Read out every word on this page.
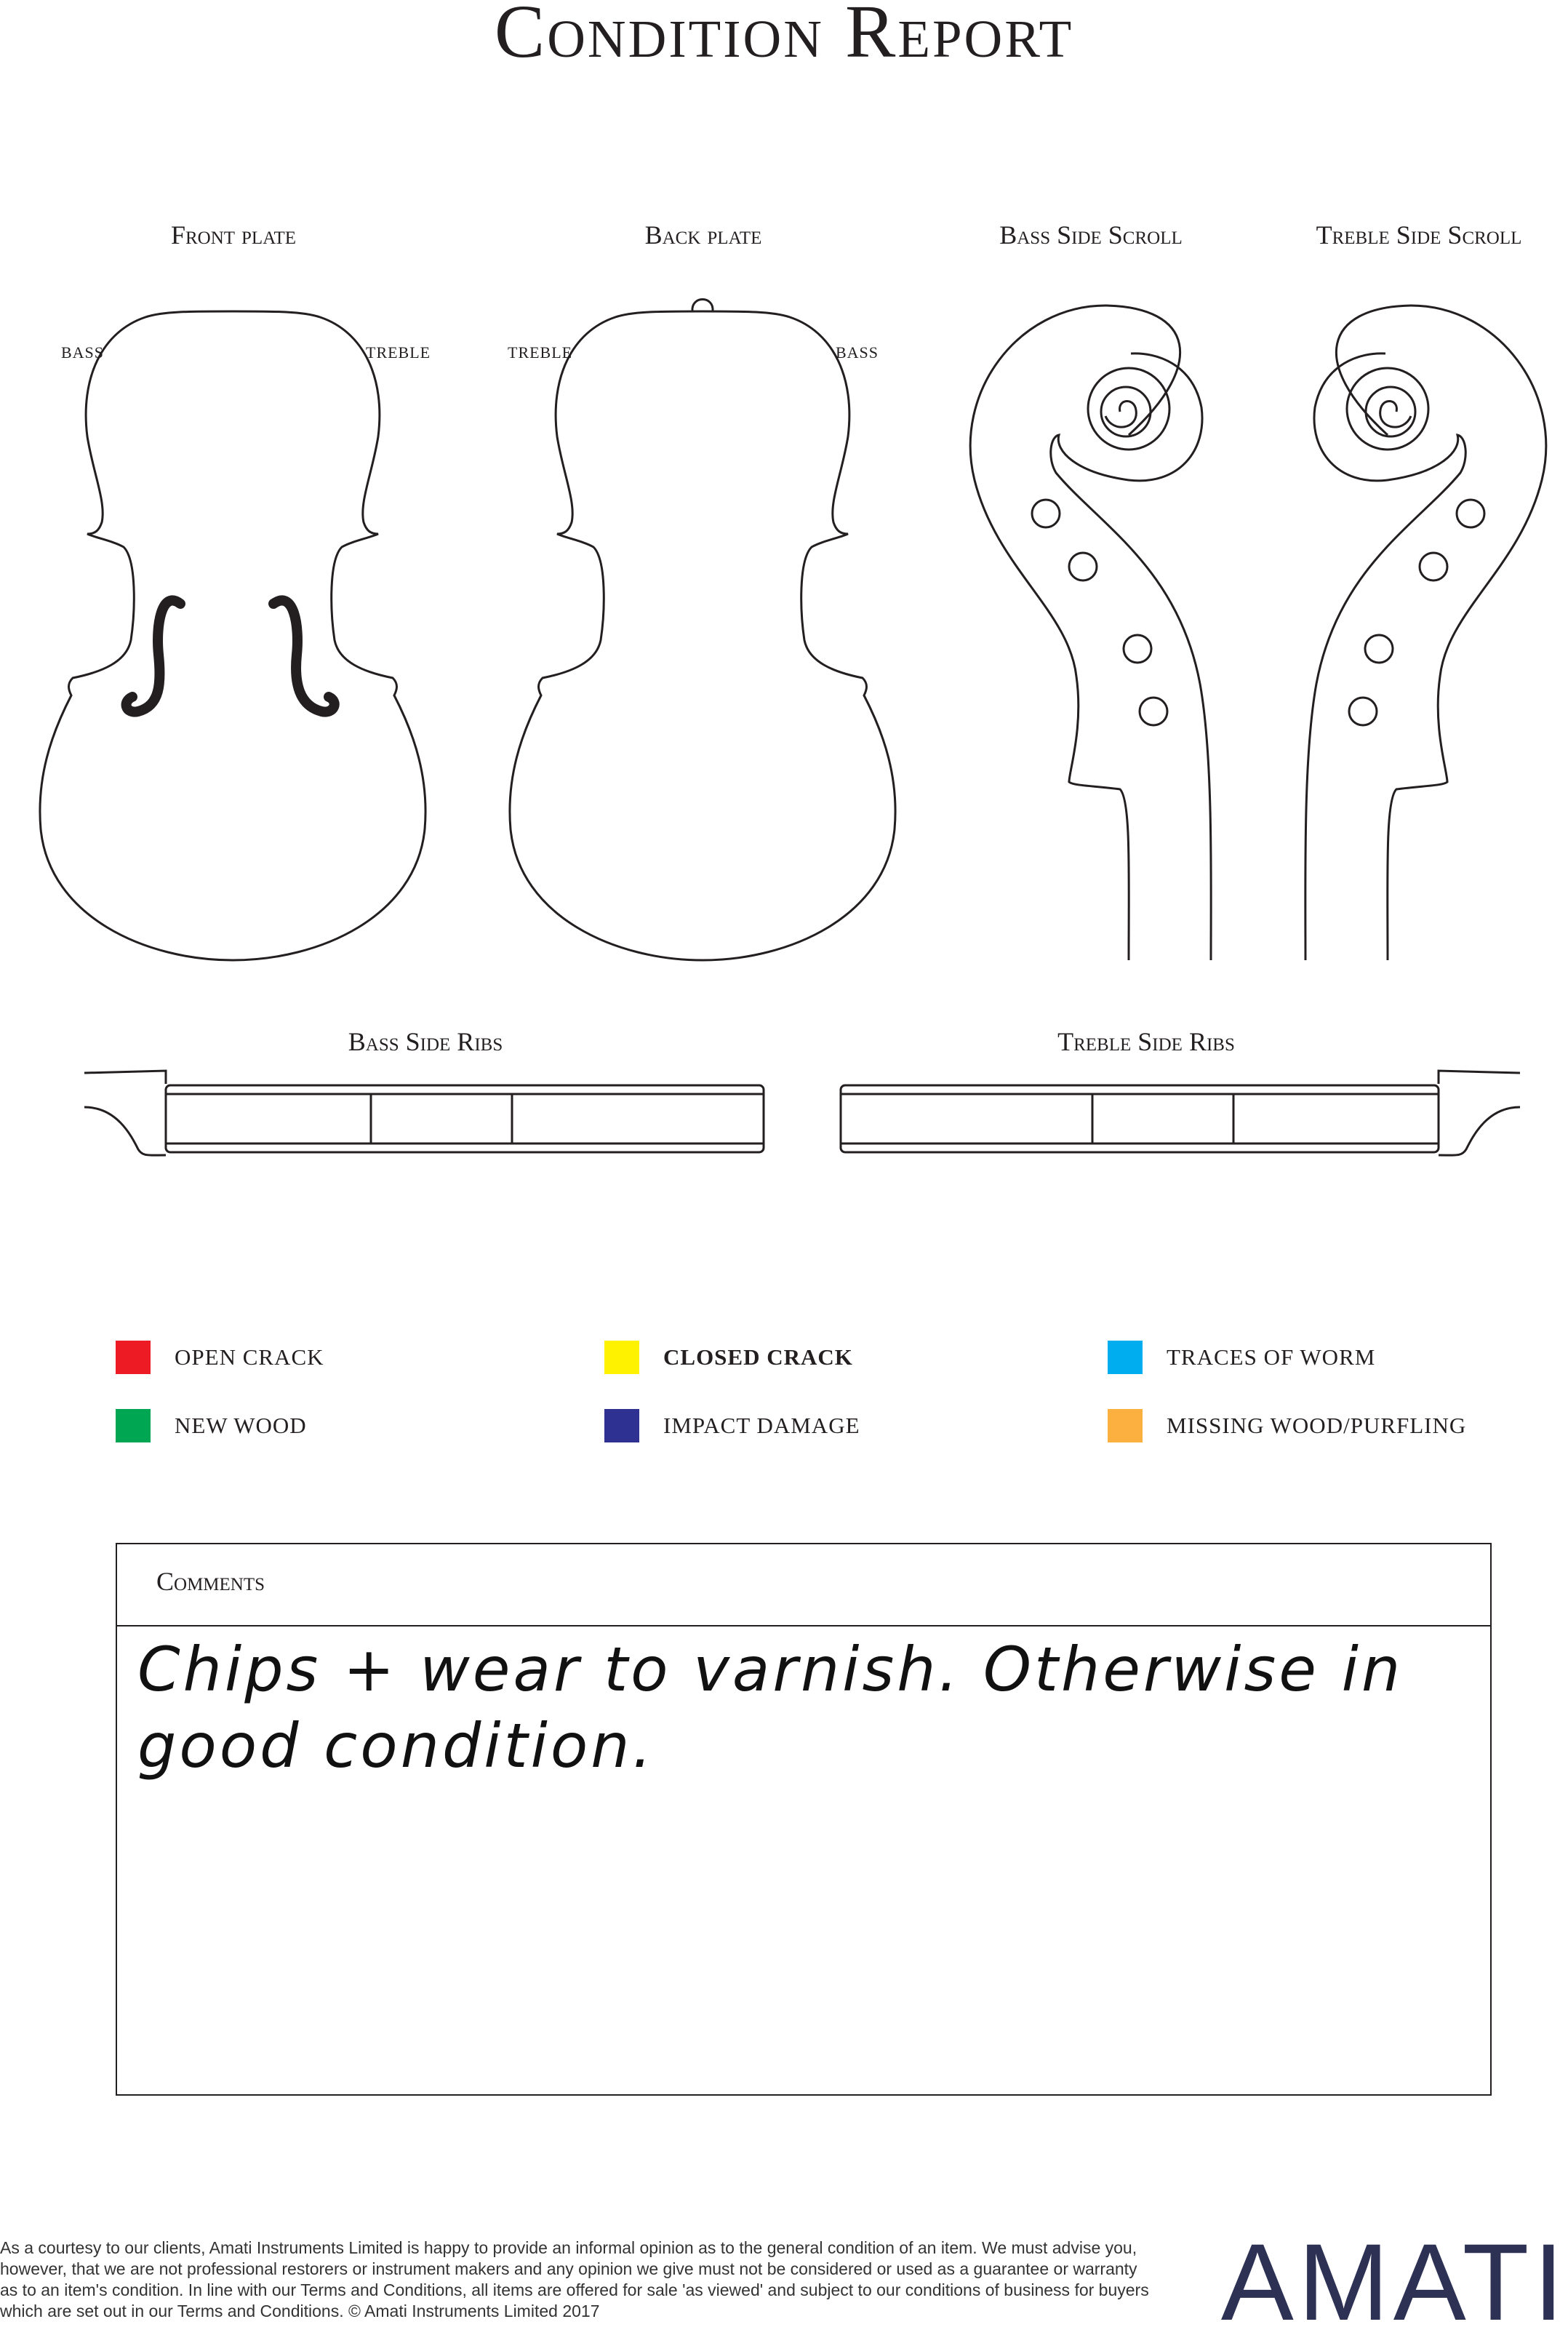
Condition Report
Front plate	Back plate	Bass Side Scroll	Treble Side Scroll
Bass Side Ribs	Treble Side Ribs
BASS	TREBLE	TREBLE	BASS
OPEN CRACK	CLOSED CRACK	TRACES OF WORM
NEW WOOD	IMPACT DAMAGE	MISSING WOOD/PURFLING
Comments
Chips + wear to varnish. Otherwise in good condition.
As a courtesy to our clients, Amati Instruments Limited is happy to provide an informal opinion as to the general condition of an item. We must advise you, however, that we are not professional restorers or instrument makers and any opinion we give must not be considered or used as a guarantee or warranty as to an item's condition. In line with our Terms and Conditions, all items are offered for sale 'as viewed' and subject to our conditions of business for buyers which are set out in our Terms and Conditions. © Amati Instruments Limited 2017	AMATI
